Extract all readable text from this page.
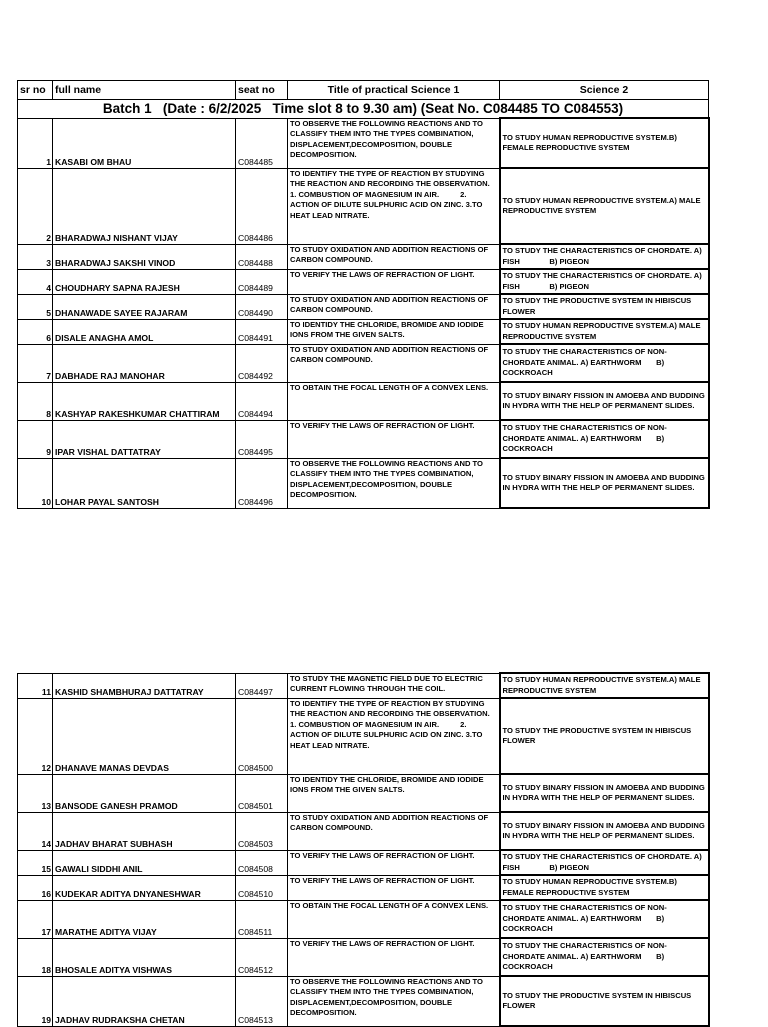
sr no	full name	seat no	Title of practical Science 1	Science 2
Batch 1   (Date : 6/2/2025   Time slot 8 to 9.30 am) (Seat No. C084485 TO C084553)				
1	KASABI OM BHAU	C084485	TO OBSERVE THE FOLLOWING REACTIONS AND TO CLASSIFY THEM INTO THE TYPES COMBINATION, DISPLACEMENT,DECOMPOSITION, DOUBLE DECOMPOSITION.	TO STUDY HUMAN REPRODUCTIVE SYSTEM.B) FEMALE REPRODUCTIVE SYSTEM
2	BHARADWAJ NISHANT VIJAY	C084486	TO IDENTIFY THE TYPE OF REACTION BY STUDYING THE REACTION AND RECORDING THE OBSERVATION.
1. COMBUSTION OF MAGNESIUM IN AIR.          2. ACTION OF DILUTE SULPHURIC ACID ON ZINC. 3.TO HEAT LEAD NITRATE.	TO STUDY HUMAN REPRODUCTIVE SYSTEM.A) MALE REPRODUCTIVE SYSTEM
3	BHARADWAJ SAKSHI VINOD	C084488	TO STUDY OXIDATION AND ADDITION REACTIONS OF CARBON COMPOUND.	TO STUDY THE CHARACTERISTICS OF CHORDATE. A) FISH              B) PIGEON
4	CHOUDHARY SAPNA RAJESH	C084489	TO VERIFY THE LAWS OF REFRACTION OF LIGHT.	TO STUDY THE CHARACTERISTICS OF CHORDATE. A) FISH              B) PIGEON
5	DHANAWADE SAYEE RAJARAM	C084490	TO STUDY OXIDATION AND ADDITION REACTIONS OF CARBON COMPOUND.	TO STUDY THE PRODUCTIVE SYSTEM IN HIBISCUS FLOWER
6	DISALE ANAGHA AMOL	C084491	TO IDENTIDY THE CHLORIDE, BROMIDE AND IODIDE IONS FROM THE GIVEN SALTS.	TO STUDY HUMAN REPRODUCTIVE SYSTEM.A) MALE REPRODUCTIVE SYSTEM
7	DABHADE RAJ MANOHAR	C084492	TO STUDY OXIDATION AND ADDITION REACTIONS OF CARBON COMPOUND.	TO STUDY THE CHARACTERISTICS OF NON-CHORDATE ANIMAL. A) EARTHWORM       B) COCKROACH
8	KASHYAP RAKESHKUMAR CHATTIRAM	C084494	TO OBTAIN THE FOCAL LENGTH OF A CONVEX LENS.	TO STUDY BINARY FISSION IN AMOEBA AND BUDDING IN HYDRA WITH THE HELP OF PERMANENT SLIDES.
9	IPAR VISHAL DATTATRAY	C084495	TO VERIFY THE LAWS OF REFRACTION OF LIGHT.	TO STUDY THE CHARACTERISTICS OF NON-CHORDATE ANIMAL. A) EARTHWORM       B) COCKROACH
10	LOHAR PAYAL SANTOSH	C084496	TO OBSERVE THE FOLLOWING REACTIONS AND TO CLASSIFY THEM INTO THE TYPES COMBINATION, DISPLACEMENT,DECOMPOSITION, DOUBLE DECOMPOSITION.	TO STUDY BINARY FISSION IN AMOEBA AND BUDDING IN HYDRA WITH THE HELP OF PERMANENT SLIDES.
11	KASHID SHAMBHURAJ DATTATRAY	C084497	TO STUDY THE MAGNETIC FIELD DUE TO ELECTRIC CURRENT FLOWING THROUGH THE COIL.	TO STUDY HUMAN REPRODUCTIVE SYSTEM.A) MALE REPRODUCTIVE SYSTEM
12	DHANAVE MANAS DEVDAS	C084500	TO IDENTIFY THE TYPE OF REACTION BY STUDYING THE REACTION AND RECORDING THE OBSERVATION.
1. COMBUSTION OF MAGNESIUM IN AIR.          2. ACTION OF DILUTE SULPHURIC ACID ON ZINC. 3.TO HEAT LEAD NITRATE.	TO STUDY THE PRODUCTIVE SYSTEM IN HIBISCUS FLOWER
13	BANSODE GANESH PRAMOD	C084501	TO IDENTIDY THE CHLORIDE, BROMIDE AND IODIDE IONS FROM THE GIVEN SALTS.	TO STUDY BINARY FISSION IN AMOEBA AND BUDDING IN HYDRA WITH THE HELP OF PERMANENT SLIDES.
14	JADHAV BHARAT SUBHASH	C084503	TO STUDY OXIDATION AND ADDITION REACTIONS OF CARBON COMPOUND.	TO STUDY BINARY FISSION IN AMOEBA AND BUDDING IN HYDRA WITH THE HELP OF PERMANENT SLIDES.
15	GAWALI SIDDHI ANIL	C084508	TO VERIFY THE LAWS OF REFRACTION OF LIGHT.	TO STUDY THE CHARACTERISTICS OF CHORDATE. A) FISH              B) PIGEON
16	KUDEKAR ADITYA DNYANESHWAR	C084510	TO VERIFY THE LAWS OF REFRACTION OF LIGHT.	TO STUDY HUMAN REPRODUCTIVE SYSTEM.B) FEMALE REPRODUCTIVE SYSTEM
17	MARATHE ADITYA VIJAY	C084511	TO OBTAIN THE FOCAL LENGTH OF A CONVEX LENS.	TO STUDY THE CHARACTERISTICS OF NON-CHORDATE ANIMAL. A) EARTHWORM       B) COCKROACH
18	BHOSALE ADITYA VISHWAS	C084512	TO VERIFY THE LAWS OF REFRACTION OF LIGHT.	TO STUDY THE CHARACTERISTICS OF NON-CHORDATE ANIMAL. A) EARTHWORM       B) COCKROACH
19	JADHAV RUDRAKSHA CHETAN	C084513	TO OBSERVE THE FOLLOWING REACTIONS AND TO CLASSIFY THEM INTO THE TYPES COMBINATION, DISPLACEMENT,DECOMPOSITION, DOUBLE DECOMPOSITION.	TO STUDY THE PRODUCTIVE SYSTEM IN HIBISCUS FLOWER
